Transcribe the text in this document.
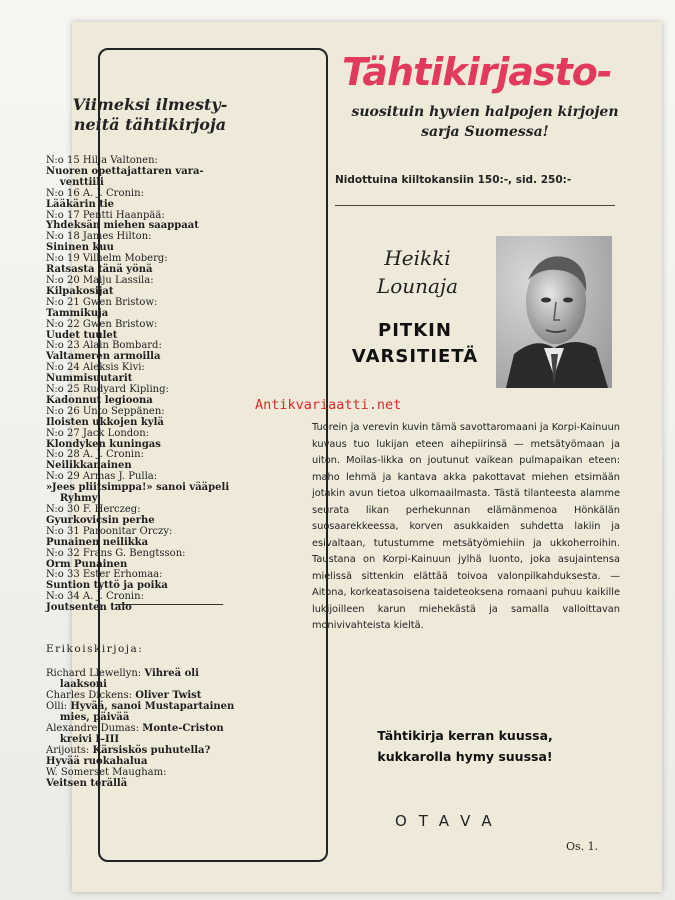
Viimeksi ilmesty-
neitä tähtikirjoja
N:o 15 Hilja Valtonen:
Nuoren opettajattaren vara-
venttiili
N:o 16 A. J. Cronin:
Lääkärin tie
N:o 17 Pentti Haanpää:
Yhdeksän miehen saappaat
N:o 18 James Hilton:
Sininen kuu
N:o 19 Vilhelm Moberg:
Ratsasta tänä yönä
N:o 20 Maiju Lassila:
Kilpakosijat
N:o 21 Gwen Bristow:
Tammikuja
N:o 22 Gwen Bristow:
Uudet tuulet
N:o 23 Alain Bombard:
Valtameren armoilla
N:o 24 Aleksis Kivi:
Nummisuutarit
N:o 25 Rudyard Kipling:
Kadonnut legioona
N:o 26 Unto Seppänen:
Iloisten ukkojen kylä
N:o 27 Jack London:
Klondyken kuningas
N:o 28 A. J. Cronin:
Neilikkanainen
N:o 29 Armas J. Pulla:
»Jees pliitsimppa!» sanoi vääpeli
Ryhmy
N:o 30 F. Herczeg:
Gyurkovicsin perhe
N:o 31 Paroonitar Orczy:
Punainen neilikka
N:o 32 Frans G. Bengtsson:
Orm Punainen
N:o 33 Ester Erhomaa:
Suntion tyttö ja poika
N:o 34 A. J. Cronin:
Joutsenten talo
Erikoiskirjoja:
Richard Llewellyn: Vihreä oli
laaksoni
Charles Dickens: Oliver Twist
Olli: Hyvää, sanoi Mustapartainen
mies, päivää
Alexandre Dumas: Monte-Criston
kreivi I–III
Arijouts: Kärsiskös puhutella?
Hyvää ruokahalua
W. Somerset Maugham:
Veitsen terällä
Tähtikirjasto-
suosituin hyvien halpojen kirjojen
sarja Suomessa!
Nidottuina kiiltokansiin 150:-, sid. 250:-
Heikki
Lounaja
PITKIN
VARSITIETÄ
Antikvariaatti.net
Tuorein ja verevin kuvin tämä savottaromaani ja Korpi-Kainuun kuvaus tuo lukijan eteen aihepiirinsä — metsätyömaan ja uiton. Moilas-likka on joutunut vaikean pulmapaikan eteen: maho lehmä ja kantava akka pakottavat miehen etsimään jotakin avun tietoa ulkomaailmasta. Tästä tilanteesta alamme seurata likan perhekunnan elämänmenoa Hönkälän suosaarekkeessa, korven asukkaiden suhdetta lakiin ja esivaltaan, tutustumme metsätyömiehiin ja ukkoherroihin. Taustana on Korpi-Kainuun jylhä luonto, joka asujaintensa mielissä sittenkin elättää toivoa valonpilkahduksesta. — Aitona, korkeatasoisena taideteoksena romaani puhuu kaikille lukijoilleen karun miehekästä ja samalla valloittavan monivivahteista kieltä.
Tähtikirja kerran kuussa,
kukkarolla hymy suussa!
OTAVA
Os. 1.
